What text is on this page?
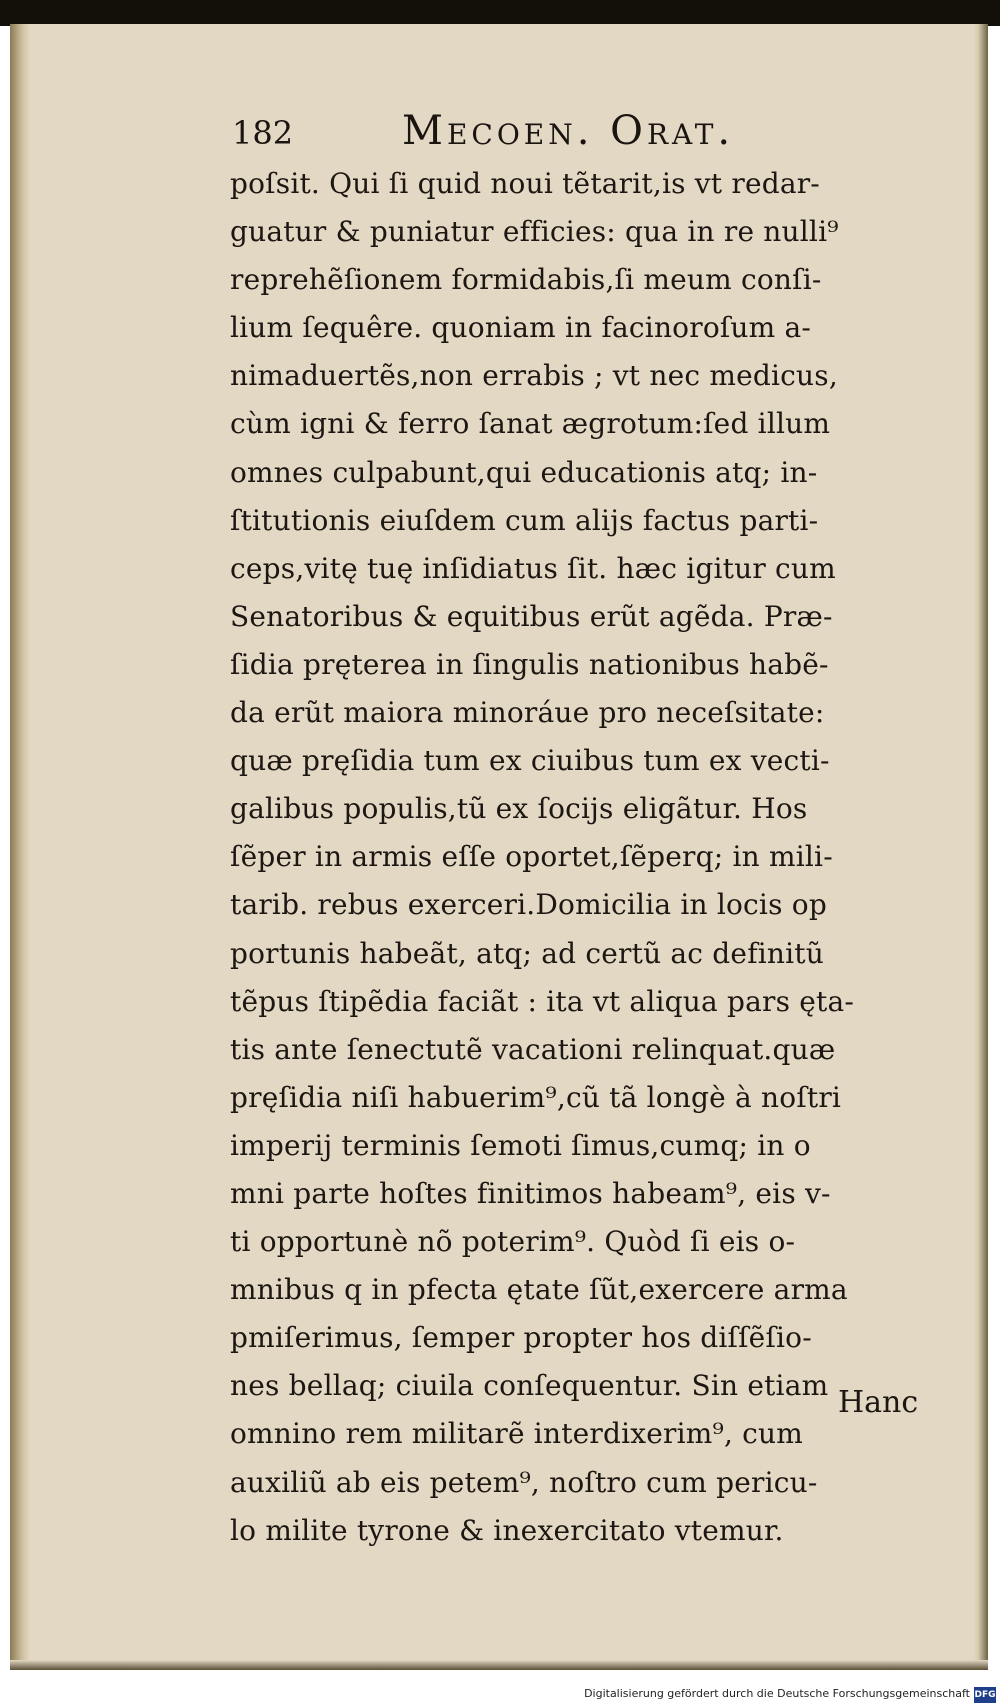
182	Mecoen. Orat.
poſsit. Qui ſi quid noui tẽtarit,is vt redar-
guatur & puniatur efficies: qua in re nulli⁹
reprehẽſionem formidabis,ſi meum conſi-
lium ſequêre. quoniam in facinoroſum a-
nimaduertẽs,non errabis ; vt nec medicus,
cùm igni & ferro ſanat ægrotum:ſed illum
omnes culpabunt,qui educationis atq; in-
ſtitutionis eiuſdem cum alijs factus parti-
ceps,vitę tuę inſidiatus ſit. hæc igitur cum
Senatoribus & equitibus erũt agẽda. Præ-
ſidia pręterea in ſingulis nationibus habẽ-
da erũt maiora minoráue pro neceſsitate:
quæ pręſidia tum ex ciuibus tum ex vecti-
galibus populis,tũ ex ſocijs eligãtur. Hos
ſẽper in armis eſſe oportet,ſẽperq; in mili-
tarib. rebus exerceri.Domicilia in locis op
portunis habeãt, atq; ad certũ ac definitũ
tẽpus ſtipẽdia faciãt : ita vt aliqua pars ętа-
tis ante ſenectutẽ vacationi relinquat.quæ
pręſidia niſi habuerim⁹,cũ tã longè à noſtri
imperij terminis ſemoti ſimus,cumq; in o
mni parte hoſtes finitimos habeam⁹, eis v-
ti opportunè nõ poterim⁹. Quòd ſi eis o-
mnibus q in pfecta ętate ſũt,exercere arma
pmiſerimus, ſemper propter hos diſſẽſio-
nes bellaq; ciuila conſequentur. Sin etiam
omnino rem militarẽ interdixerim⁹, cum
auxiliũ ab eis petem⁹, noſtro cum pericu-
lo milite tyrone & inexercitato vtemur.
Hanc
Digitalisierung gefördert durch die Deutsche Forschungsgemeinschaft DFG
